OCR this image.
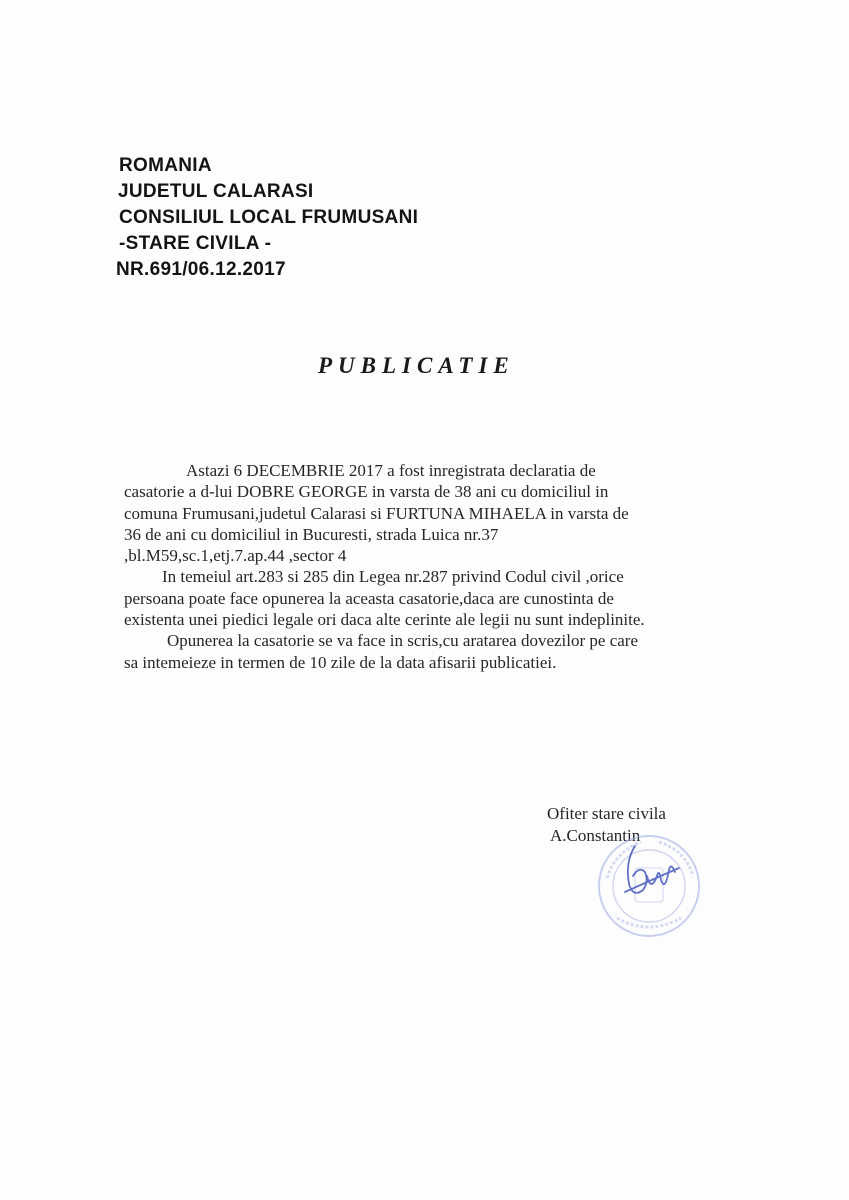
ROMANIA
JUDETUL CALARASI
CONSILIUL LOCAL FRUMUSANI
-STARE CIVILA -
NR.691/06.12.2017
PUBLICATIE
Astazi 6 DECEMBRIE 2017 a fost inregistrata declaratia de
casatorie a d-lui DOBRE GEORGE in varsta de 38 ani cu domiciliul in
comuna Frumusani,judetul Calarasi si FURTUNA MIHAELA in varsta de
36 de ani cu domiciliul in Bucuresti, strada Luica nr.37
,bl.M59,sc.1,etj.7.ap.44 ,sector 4
In temeiul art.283 si 285 din Legea nr.287 privind Codul civil ,orice
persoana poate face opunerea la aceasta casatorie,daca are cunostinta de
existenta unei piedici legale ori daca alte cerinte ale legii nu sunt indeplinite.
Opunerea la casatorie se va face in scris,cu aratarea dovezilor pe care
sa intemeieze in termen de 10 zile de la data afisarii publicatiei.
Ofiter stare civila
A.Constantin
